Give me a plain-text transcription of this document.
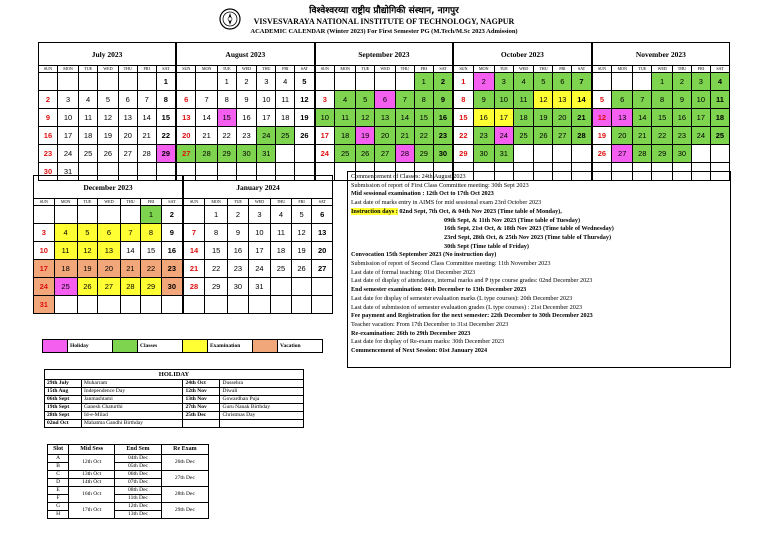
विश्वेश्वरय्या राष्ट्रीय प्रौद्योगिकी संस्थान, नागपुर
VISVESVARAYA NATIONAL INSTITUTE OF TECHNOLOGY, NAGPUR
ACADEMIC CALENDAR (Winter 2023) For First Semester PG (M.Tech/M.Sc 2023 Admission)
July 2023							August 2023							September 2023							October 2023							November 2023						
SUN	MON	TUE	WED	THU	FRI	SAT	SUN	MON	TUE	WED	THU	FRI	SAT	SUN	MON	TUE	WED	THU	FRI	SAT	SUN	MON	TUE	WED	THU	FRI	SAT	SUN	MON	TUE	WED	THU	FRI	SAT
						1			1	2	3	4	5						1	2	1	2	3	4	5	6	7				1	2	3	4
2	3	4	5	6	7	8	6	7	8	9	10	11	12	3	4	5	6	7	8	9	8	9	10	11	12	13	14	5	6	7	8	9	10	11
9	10	11	12	13	14	15	13	14	15	16	17	18	19	10	11	12	13	14	15	16	15	16	17	18	19	20	21	12	13	14	15	16	17	18
16	17	18	19	20	21	22	20	21	22	23	24	25	26	17	18	19	20	21	22	23	22	23	24	25	26	27	28	19	20	21	22	23	24	25
23	24	25	26	27	28	29	27	28	29	30	31			24	25	26	27	28	29	30	29	30	31					26	27	28	29	30		
30	31																																	
December 2023							January 2024						
SUN	MON	TUE	WED	THU	FRI	SAT	SUN	MON	TUE	WED	THU	FRI	SAT
					1	2		1	2	3	4	5	6
3	4	5	6	7	8	9	7	8	9	10	11	12	13
10	11	12	13	14	15	16	14	15	16	17	18	19	20
17	18	19	20	21	22	23	21	22	23	24	25	26	27
24	25	26	27	28	29	30	28	29	30	31			
31													
	Holiday		Classes		Examination		Vacation
HOLIDAY			
29th July	Muharram	24th Oct	Dussehra
15th Aug	Independence Day	12th Nov	Diwali
06th Sept	Janmashtami	13th Nov	Gowardhan Puja
19th Sept	Ganesh Chaturthi	27th Nov	Guru Nanak Birthday
28th Sept	Id-e-Milad	25th Dec	Christmas Day
02nd Oct	Mahatma Gandhi Birthday		
Slot	Mid Sess	End Sem	Re Exam
A	12th Oct	04th Dec	26th Dec
B		05th Dec	
C	13th Oct	06th Dec	27th Dec
D	14th Oct	07th Dec	
E	16th Oct	08th Dec	28th Dec
F		11th Dec	
G	17th Oct	12th Dec	29th Dec
H		13th Dec	
Commencement of Classes: 24th August 2023
Submission of report of First Class Committee meeting: 30th Sept 2023
Mid sessional examination : 12th Oct to 17th Oct 2023
Last date of marks entry in AIMS for mid sessional exam 23rd October 2023
Instruction days : 02nd Sept, 7th Oct, & 04th Nov 2023 (Time table of Monday),
09th Sept, & 11th Nov 2023 (Time table of Tuesday)
16th Sept, 21st Oct, & 18th Nov 2023 (Time table of Wednesday)
23rd Sept, 28th Oct, & 25th Nov 2023 (Time table of Thursday)
30th Sept (Time table of Friday)
Convocation 15th September 2023 (No instruction day)
Submission of report of Second Class Committee meeting: 11th November 2023
Last date of formal teaching: 01st December 2023
Last date of display of attendance, internal marks and P type course grades: 02nd December 2023
End semester examination: 04th December to 13th December 2023
Last date for display of semester evaluation marks (L type courses): 20th December 2023
Last date of submission of semester evaluation grades (L type courses) : 21st December 2023
Fee payment and Registration for the next semester: 22th December to 30th December 2023
Teacher vacation: From 17th December to 31st December 2023
Re-examination: 26th to 29th December 2023
Last date for display of Re-exam marks: 30th December 2023
Commencement of Next Session: 01st January 2024
